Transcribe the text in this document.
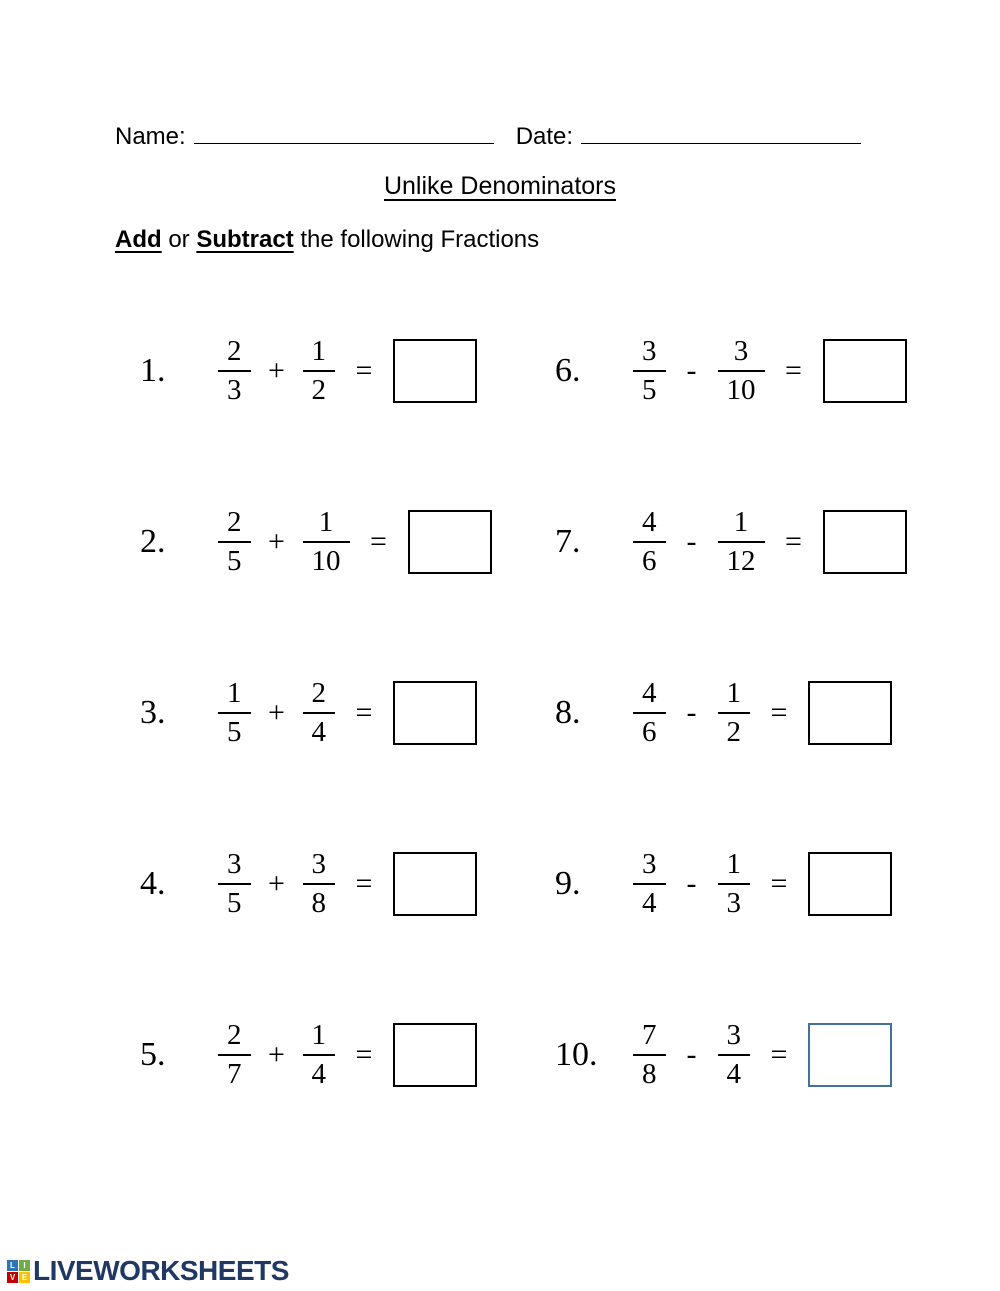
Name:	Date:
Unlike Denominators
Add or Subtract the following Fractions
1.	$\frac{2}{3} + \frac{1}{2}$ =
2.	$\frac{2}{5} + \frac{1}{10}$ =
3.	$\frac{1}{5} + \frac{2}{4}$ =
4.	$\frac{3}{5} + \frac{3}{8}$ =
5.	$\frac{2}{7} + \frac{1}{4}$ =
6.	$\frac{3}{5} - \frac{3}{10}$ =
7.	$\frac{4}{6} - \frac{1}{12}$ =
8.	$\frac{4}{6} - \frac{1}{2}$ =
9.	$\frac{3}{4} - \frac{1}{3}$ =
10.	$\frac{7}{8} - \frac{3}{4}$ =
L	I
V E LIVEWORKSHEETS
